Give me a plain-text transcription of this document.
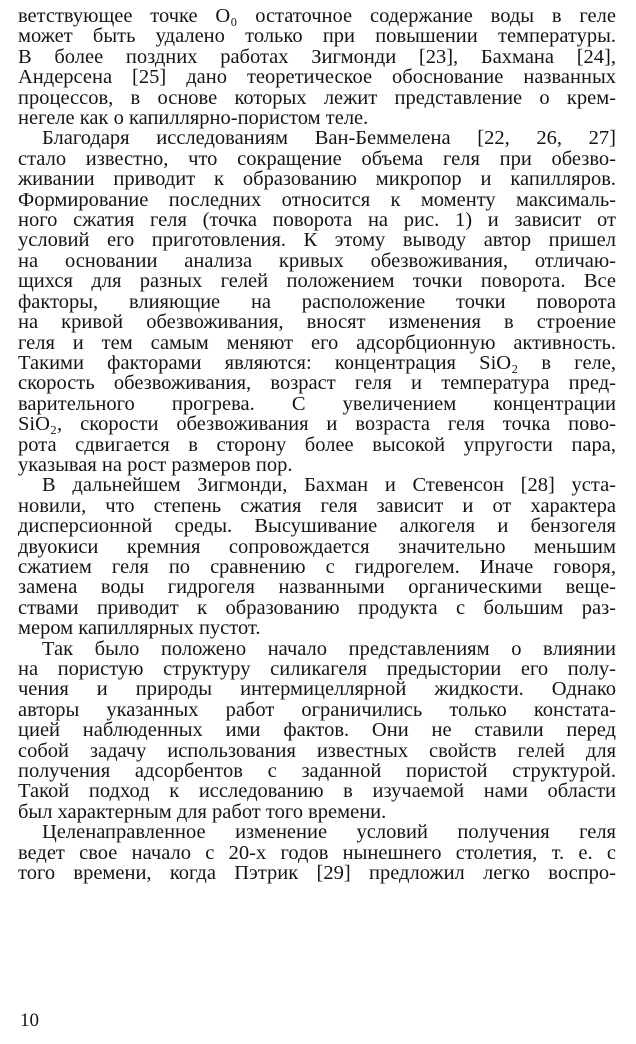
ветствующее точке O₀ остаточное содержание воды в геле
может быть удалено только при повышении температуры.
В более поздних работах Зигмонди [23], Бахмана [24],
Андерсена [25] дано теоретическое обоснование названных
процессов, в основе которых лежит представление о крем-
негеле как о капиллярно-пористом теле.
Благодаря исследованиям Ван-Беммелена [22, 26, 27]
стало известно, что сокращение объема геля при обезво-
живании приводит к образованию микропор и капилляров.
Формирование последних относится к моменту максималь-
ного сжатия геля (точка поворота на рис. 1) и зависит от
условий его приготовления. К этому выводу автор пришел
на основании анализа кривых обезвоживания, отличаю-
щихся для разных гелей положением точки поворота. Все
факторы, влияющие на расположение точки поворота
на кривой обезвоживания, вносят изменения в строение
геля и тем самым меняют его адсорбционную активность.
Такими факторами являются: концентрация SiO₂ в геле,
скорость обезвоживания, возраст геля и температура пред-
варительного прогрева. С увеличением концентрации
SiO₂, скорости обезвоживания и возраста геля точка пово-
рота сдвигается в сторону более высокой упругости пара,
указывая на рост размеров пор.
В дальнейшем Зигмонди, Бахман и Стевенсон [28] уста-
новили, что степень сжатия геля зависит и от характера
дисперсионной среды. Высушивание алкогеля и бензогеля
двуокиси кремния сопровождается значительно меньшим
сжатием геля по сравнению с гидрогелем. Иначе говоря,
замена воды гидрогеля названными органическими веще-
ствами приводит к образованию продукта с большим раз-
мером капиллярных пустот.
Так было положено начало представлениям о влиянии
на пористую структуру силикагеля предыстории его полу-
чения и природы интермицеллярной жидкости. Однако
авторы указанных работ ограничились только констата-
цией наблюденных ими фактов. Они не ставили перед
собой задачу использования известных свойств гелей для
получения адсорбентов с заданной пористой структурой.
Такой подход к исследованию в изучаемой нами области
был характерным для работ того времени.
Целенаправленное изменение условий получения геля
ведет свое начало с 20-х годов нынешнего столетия, т. е. с
того времени, когда Пэтрик [29] предложил легко воспро-
10
